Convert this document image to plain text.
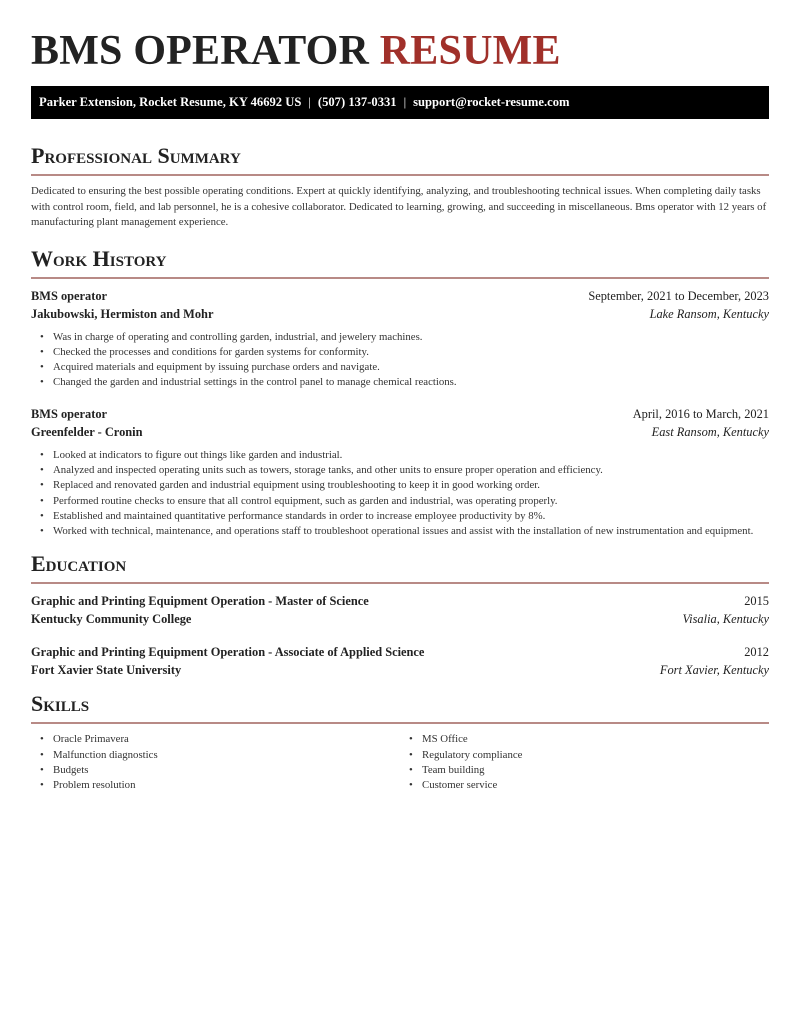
BMS OPERATOR RESUME
Parker Extension, Rocket Resume, KY 46692 US | (507) 137-0331 | support@rocket-resume.com
Professional Summary

Dedicated to ensuring the best possible operating conditions. Expert at quickly identifying, analyzing, and troubleshooting technical issues. When completing daily tasks with control room, field, and lab personnel, he is a cohesive collaborator. Dedicated to learning, growing, and succeeding in miscellaneous. Bms operator with 12 years of manufacturing plant management experience.

Work History
BMS operator	September, 2021 to December, 2023
Jakubowski, Hermiston and Mohr	Lake Ransom, Kentucky
• Was in charge of operating and controlling garden, industrial, and jewelery machines.
• Checked the processes and conditions for garden systems for conformity.
• Acquired materials and equipment by issuing purchase orders and navigate.
• Changed the garden and industrial settings in the control panel to manage chemical reactions.
BMS operator	April, 2016 to March, 2021
Greenfelder - Cronin	East Ransom, Kentucky
• Looked at indicators to figure out things like garden and industrial.
• Analyzed and inspected operating units such as towers, storage tanks, and other units to ensure proper operation and efficiency.
• Replaced and renovated garden and industrial equipment using troubleshooting to keep it in good working order.
• Performed routine checks to ensure that all control equipment, such as garden and industrial, was operating properly.
• Established and maintained quantitative performance standards in order to increase employee productivity by 8%.
• Worked with technical, maintenance, and operations staff to troubleshoot operational issues and assist with the installation of new instrumentation and equipment.
Education
Graphic and Printing Equipment Operation - Master of Science	2015
Kentucky Community College	Visalia, Kentucky
Graphic and Printing Equipment Operation - Associate of Applied Science	2012
Fort Xavier State University	Fort Xavier, Kentucky
Skills
• Oracle Primavera
• Malfunction diagnostics
• Budgets
• Problem resolution
• MS Office
• Regulatory compliance
• Team building
• Customer service
